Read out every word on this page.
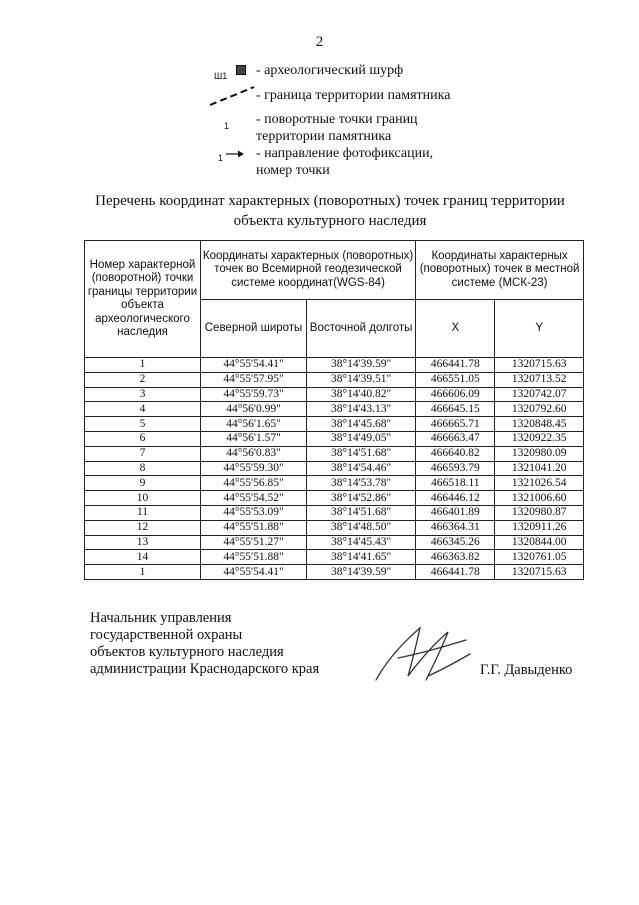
2
Ш1 - археологический шурф
- граница территории памятника
1 - поворотные точки границ территории памятника
1 - направление фотофиксации, номер точки
Перечень координат характерных (поворотных) точек границ территории объекта культурного наследия
Номер характерной (поворотной) точки границы территории объекта археологического наследия	Координаты характерных (поворотных) точек во Всемирной геодезической системе координат(WGS-84)		Координаты характерных (поворотных) точек в местной системе (МСК-23)	
	Северной широты	Восточной долготы	X	Y
1	44°55'54.41"	38°14'39.59"	466441.78	1320715.63
2	44°55'57.95"	38°14'39.51"	466551.05	1320713.52
3	44°55'59.73"	38°14'40.82"	466606.09	1320742.07
4	44°56'0.99"	38°14'43.13"	466645.15	1320792.60
5	44°56'1.65"	38°14'45.68"	466665.71	1320848.45
6	44°56'1.57"	38°14'49.05"	466663.47	1320922.35
7	44°56'0.83"	38°14'51.68"	466640.82	1320980.09
8	44°55'59.30"	38°14'54.46"	466593.79	1321041.20
9	44°55'56.85"	38°14'53.78"	466518.11	1321026.54
10	44°55'54.52"	38°14'52.86"	466446.12	1321006.60
11	44°55'53.09"	38°14'51.68"	466401.89	1320980.87
12	44°55'51.88"	38°14'48.50"	466364.31	1320911.26
13	44°55'51.27"	38°14'45.43"	466345.26	1320844.00
14	44°55'51.88"	38°14'41.65"	466363.82	1320761.05
1	44°55'54.41"	38°14'39.59"	466441.78	1320715.63
Начальник управления
государственной охраны
объектов культурного наследия
администрации Краснодарского края	Г.Г. Давыденко
